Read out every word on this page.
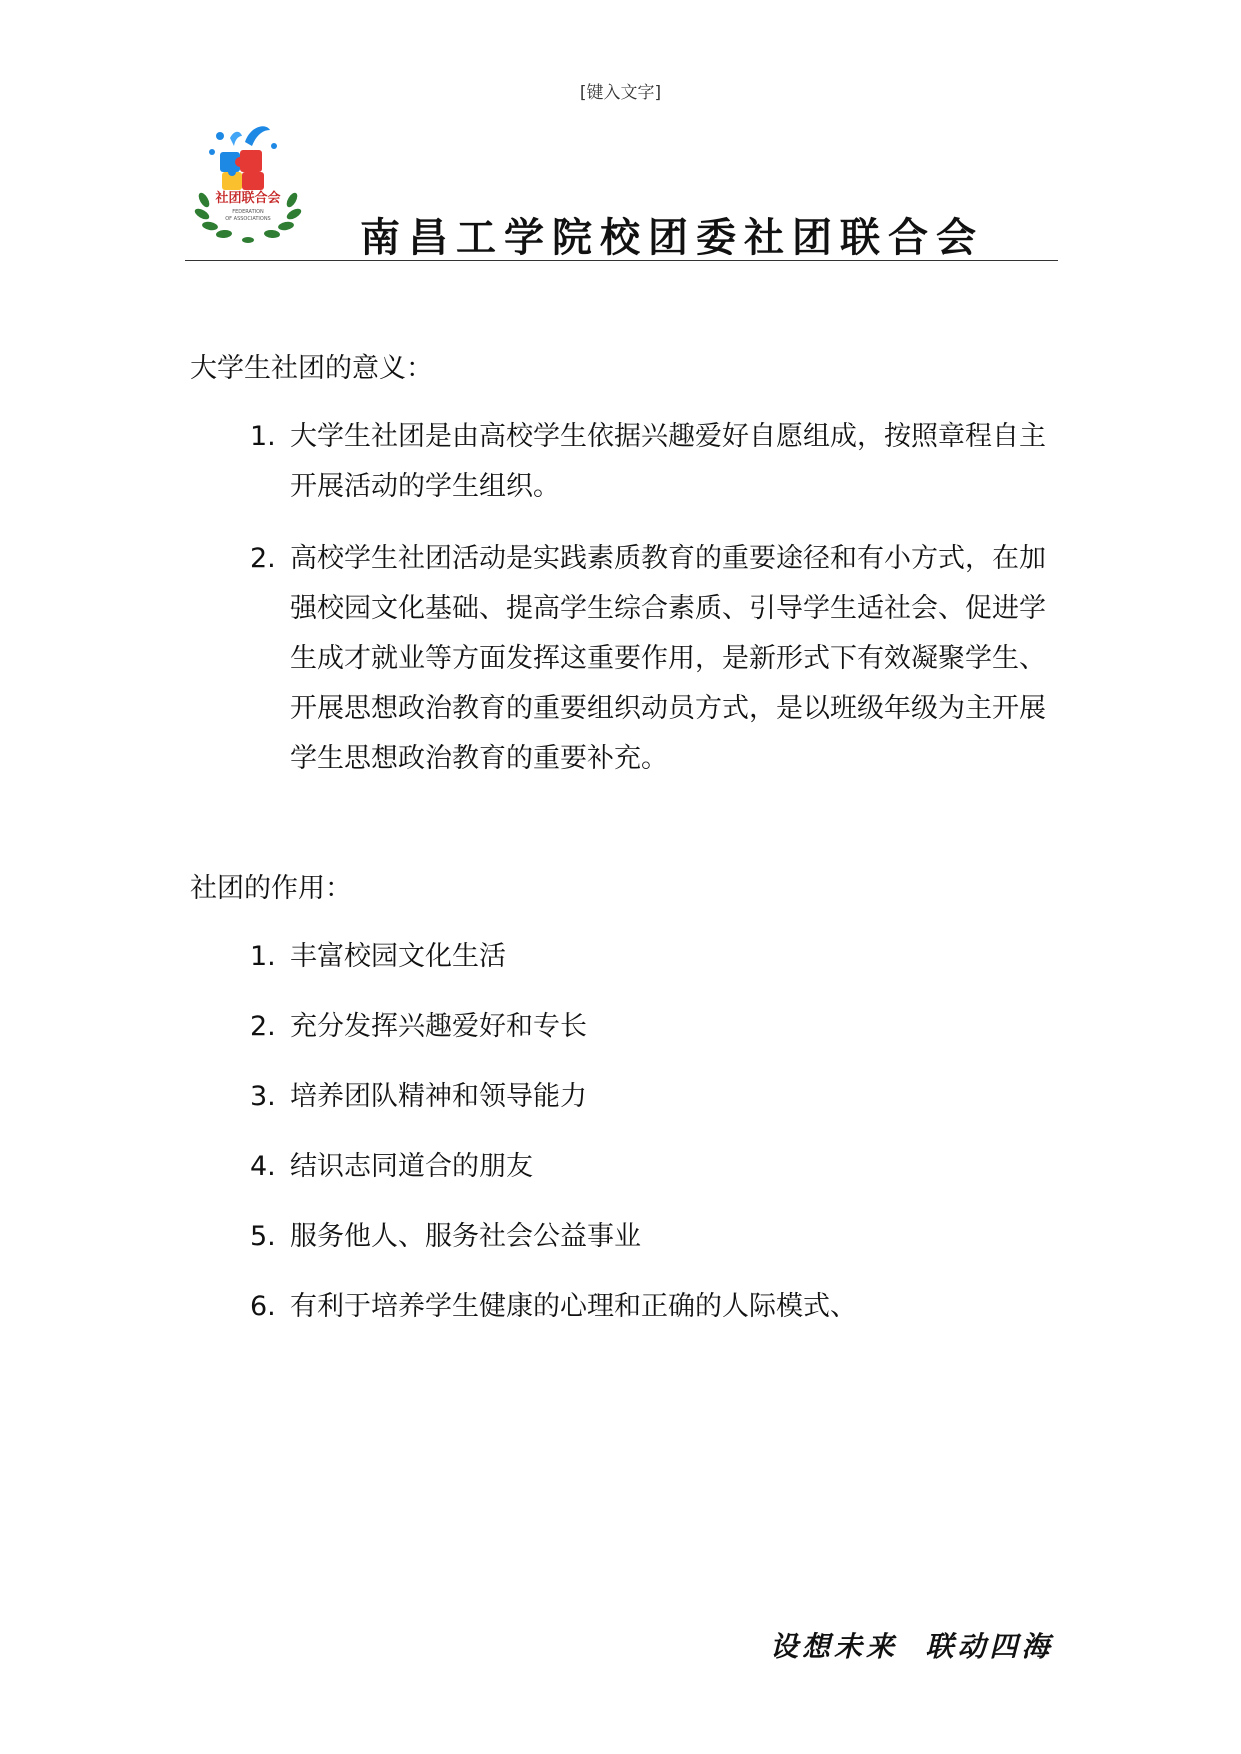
[键入文字]
社团联合会
FEDERATION
OF ASSOCIATIONS 南昌工学院校团委社团联合会
大学生社团的意义：
1. 大学生社团是由高校学生依据兴趣爱好自愿组成，按照章程自主开展活动的学生组织。
2. 高校学生社团活动是实践素质教育的重要途径和有小方式，在加强校园文化基础、提高学生综合素质、引导学生适社会、促进学生成才就业等方面发挥这重要作用，是新形式下有效凝聚学生、开展思想政治教育的重要组织动员方式，是以班级年级为主开展学生思想政治教育的重要补充。
社团的作用：
1. 丰富校园文化生活
2. 充分发挥兴趣爱好和专长
3. 培养团队精神和领导能力
4. 结识志同道合的朋友
5. 服务他人、服务社会公益事业
6. 有利于培养学生健康的心理和正确的人际模式、
设想未来  联动四海
